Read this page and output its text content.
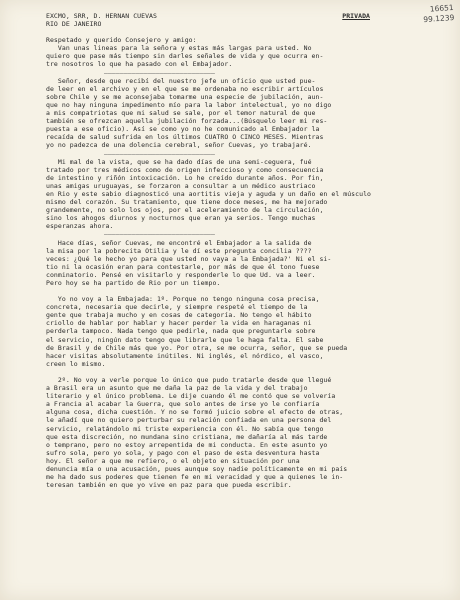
16651
99.1239
EXCMO, SRR, D. HERNAN CUEVAS
RIO DE JANEIRO
PRIVADA
Respetado y querido Consejero y amigo:
Van unas lineas para la señora y estas más largas para usted. No
quiero que pase más tiempo sin darles señales de vida y que ocurra en-
tre nosotros lo que ha pasado con el Embajador.
————————————————————————————
Señor, desde que recibí del nuestro jefe un oficio que usted pue-
de leer en el archivo y en el que se me ordenaba no escribir artículos
sobre Chile y se me aconsejaba tomarme una especie de jubilación, aun-
que no hay ninguna impedimento mío para la labor intelectual, yo no digo
a mis compatriotas que mi salud se sale, por el temor natural de que
también se ofrezcan aquella jubilación forzada...(Búsquelo leer mi res-
puesta a ese oficio). Así se como yo no he comunicado al Embajador la
recaída de salud sufrida en los últimos CUATRO O CINCO MESES. Mientras
yo no padezca de una dolencia cerebral, señor Cuevas, yo trabajaré.
————————————————————————————
Mi mal de la vista, que se ha dado días de una semi-ceguera, fué
tratado por tres médicos como de origen infeccioso y como consecuencia
de intestino y riñón intoxicación. Lo he creído durante años. Por fin,
unas amigas uruguayas, se forzaron a consultar a un médico austriaco
en Rio y este sabio diagnosticó una aortitis vieja y aguda y un daño en el músculo
mismo del corazón. Su tratamiento, que tiene doce meses, me ha mejorado
grandemente, no solo los ojos, por el aceleramiento de la circulación,
sino los ahogos diurnos y nocturnos que eran ya serios. Tengo muchas
esperanzas ahora.
————————————————————————————
Hace días, señor Cuevas, me encontré el Embajador a la salida de
la misa por la pobrecita Otilia y le dí este pregunta concilia ????
veces: ¿Qué le hecho yo para que usted no vaya a la Embajada?' Ni el si-
tio ni la ocasión eran para contestarle, por más de que él tono fuese
conminatorio. Pensé en visitarlo y responderle lo que Ud. va a leer.
Pero hoy se ha partido de Rio por un tiempo.
Yo no voy a la Embajada: 1º. Porque no tengo ninguna cosa precisa,
concreta, necesaria que decirle, y siempre respeté el tiempo de la
gente que trabaja mucho y en cosas de categoría. No tengo el hábito
criollo de hablar por hablar y hacer perder la vida en haraganas ni
perderla tampoco. Nada tengo que pedirle, nada que preguntarle sobre
el servicio, ningún dato tengo que librarle que le haga falta. El sabe
de Brasil y de Chile más que yo. Por otra, se me ocurra, señor, que se pueda
hacer visitas absolutamente inútiles. Ni inglés, el nórdico, el vasco,
creen lo mismo.
2º. No voy a verle porque lo único que pudo tratarle desde que llegué
a Brasil era un asunto que me daña la paz de la vida y del trabajo
literario y el único problema. Le dije cuando él me contó que se volvería
a Francia al acabar la Guerra, que solo antes de irse yo le confiaría
alguna cosa, dicha cuestión. Y no se formó juicio sobre el efecto de otras,
le añadí que no quiero perturbar su relación confiada en una persona del
servicio, relatándolo mi triste experiencia con él. No sabía que tengo
que esta discreción, no mundana sino cristiana, me dañaría al más tarde
o temprano, pero no estoy arrepentida de mi conducta. En este asunto yo
sufro sola, pero yo sola, y pago con el paso de esta desventura hasta
hoy. El señor a que me refiero, o el objeto en situación por una
denuncia mía o una acusación, pues aunque soy nadie políticamente en mi país
me ha dado sus poderes que tienen fe en mi veracidad y que a quienes le in-
teresan también en que yo vive en paz para que pueda escribir.
